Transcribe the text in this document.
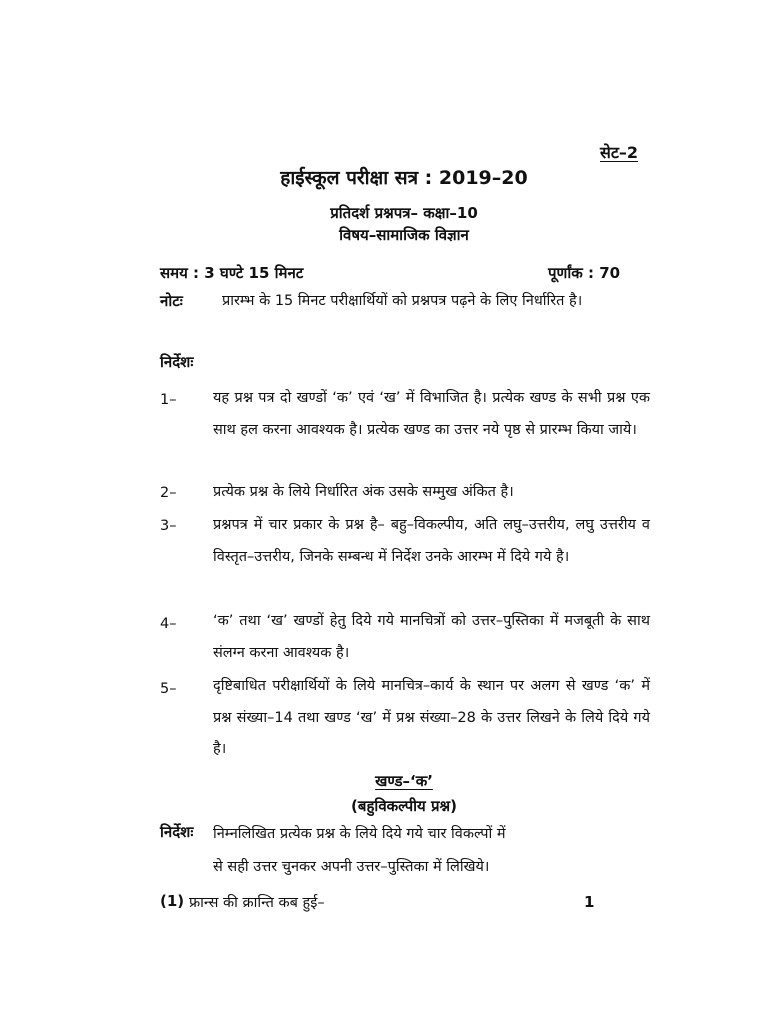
सेट–2
हाईस्कूल परीक्षा सत्र : 2019–20
प्रतिदर्श प्रश्नपत्र– कक्षा–10
विषय–सामाजिक विज्ञान
समय : 3 घण्टे 15 मिनट	पूर्णांक : 70
नोटः	प्रारम्भ के 15 मिनट परीक्षार्थियों को प्रश्नपत्र पढ़ने के लिए निर्धारित है।
निर्देशः
1–	यह प्रश्न पत्र दो खण्डों ‘क’ एवं ‘ख’ में विभाजित है। प्रत्येक खण्ड के सभी प्रश्न एक साथ हल करना आवश्यक है। प्रत्येक खण्ड का उत्तर नये पृष्ठ से प्रारम्भ किया जाये।
2–	प्रत्येक प्रश्न के लिये निर्धारित अंक उसके सम्मुख अंकित है।
3–	प्रश्नपत्र में चार प्रकार के प्रश्न है– बहु–विकल्पीय, अति लघु–उत्तरीय, लघु उत्तरीय व विस्तृत–उत्तरीय, जिनके सम्बन्ध में निर्देश उनके आरम्भ में दिये गये है।
4–	‘क’ तथा ‘ख’ खण्डों हेतु दिये गये मानचित्रों को उत्तर–पुस्तिका में मजबूती के साथ संलग्न करना आवश्यक है।
5–	दृष्टिबाधित परीक्षार्थियों के लिये मानचित्र–कार्य के स्थान पर अलग से खण्ड ‘क’ में प्रश्न संख्या–14 तथा खण्ड ‘ख’ में प्रश्न संख्या–28 के उत्तर लिखने के लिये दिये गये है।
खण्ड–‘क’
(बहुविकल्पीय प्रश्न)
निर्देशः निम्नलिखित प्रत्येक प्रश्न के लिये दिये गये चार विकल्पों में
से सही उत्तर चुनकर अपनी उत्तर–पुस्तिका में लिखिये।
(1) फ्रान्स की क्रान्ति कब हुई–	1
